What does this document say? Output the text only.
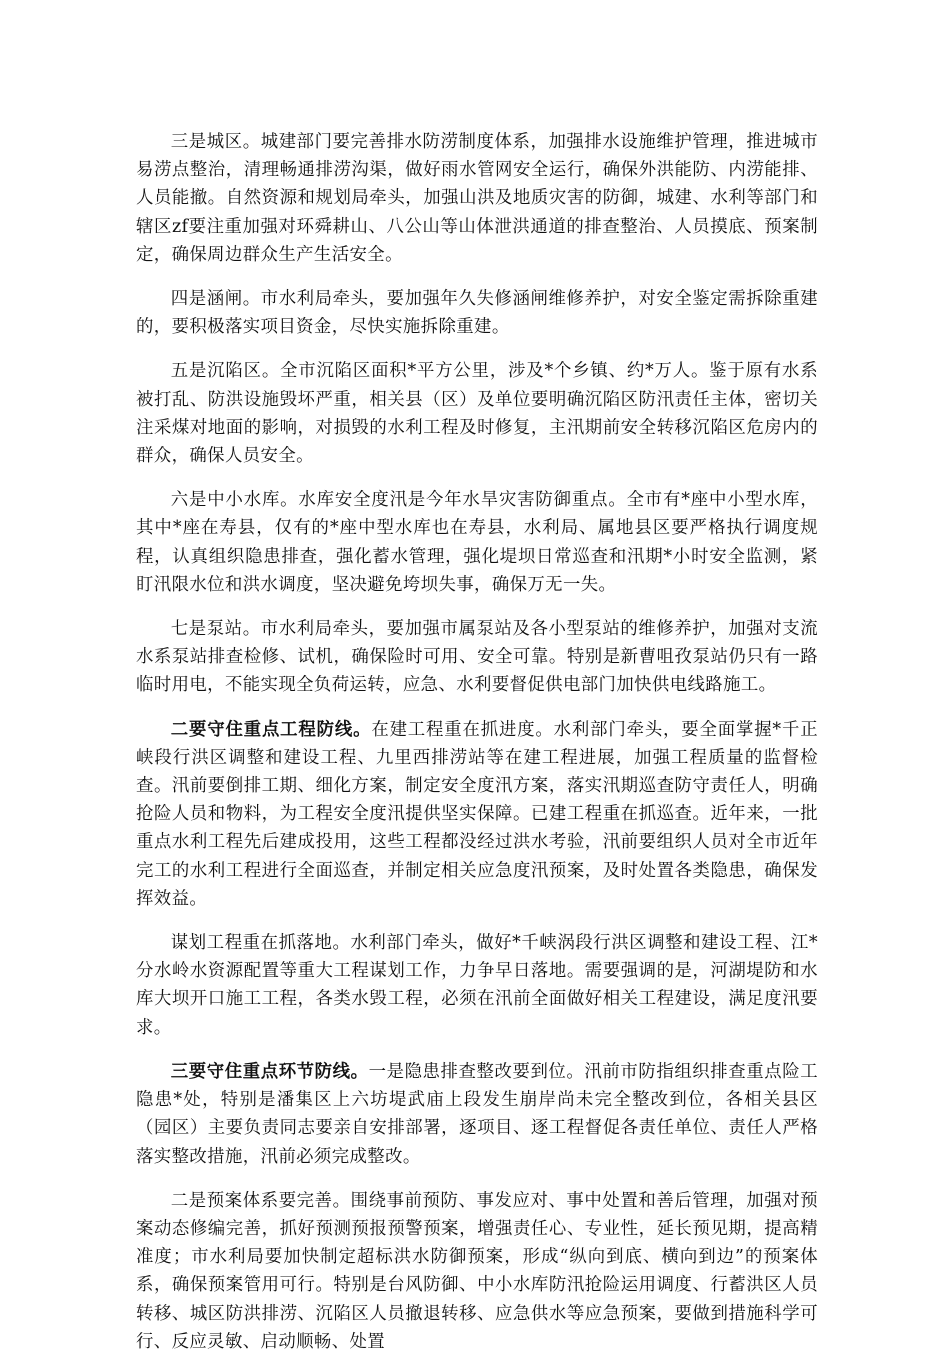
三是城区。城建部门要完善排水防涝制度体系，加强排水设施维护管理，推进城市易涝点整治，清理畅通排涝沟渠，做好雨水管网安全运行，确保外洪能防、内涝能排、人员能撤。自然资源和规划局牵头，加强山洪及地质灾害的防御，城建、水利等部门和辖区zf要注重加强对环舜耕山、八公山等山体泄洪通道的排查整治、人员摸底、预案制定，确保周边群众生产生活安全。

四是涵闸。市水利局牵头，要加强年久失修涵闸维修养护，对安全鉴定需拆除重建的，要积极落实项目资金，尽快实施拆除重建。

五是沉陷区。全市沉陷区面积*平方公里，涉及*个乡镇、约*万人。鉴于原有水系被打乱、防洪设施毁坏严重，相关县（区）及单位要明确沉陷区防汛责任主体，密切关注采煤对地面的影响，对损毁的水利工程及时修复，主汛期前安全转移沉陷区危房内的群众，确保人员安全。

六是中小水库。水库安全度汛是今年水旱灾害防御重点。全市有*座中小型水库，其中*座在寿县，仅有的*座中型水库也在寿县，水利局、属地县区要严格执行调度规程，认真组织隐患排查，强化蓄水管理，强化堤坝日常巡查和汛期*小时安全监测，紧盯汛限水位和洪水调度，坚决避免垮坝失事，确保万无一失。

七是泵站。市水利局牵头，要加强市属泵站及各小型泵站的维修养护，加强对支流水系泵站排查检修、试机，确保险时可用、安全可靠。特别是新曹咀孜泵站仍只有一路临时用电，不能实现全负荷运转，应急、水利要督促供电部门加快供电线路施工。

二要守住重点工程防线。在建工程重在抓进度。水利部门牵头，要全面掌握*千正峡段行洪区调整和建设工程、九里西排涝站等在建工程进展，加强工程质量的监督检查。汛前要倒排工期、细化方案，制定安全度汛方案，落实汛期巡查防守责任人，明确抢险人员和物料，为工程安全度汛提供坚实保障。已建工程重在抓巡查。近年来，一批重点水利工程先后建成投用，这些工程都没经过洪水考验，汛前要组织人员对全市近年完工的水利工程进行全面巡查，并制定相关应急度汛预案，及时处置各类隐患，确保发挥效益。

谋划工程重在抓落地。水利部门牵头，做好*千峡涡段行洪区调整和建设工程、江*分水岭水资源配置等重大工程谋划工作，力争早日落地。需要强调的是，河湖堤防和水库大坝开口施工工程，各类水毁工程，必须在汛前全面做好相关工程建设，满足度汛要求。

三要守住重点环节防线。一是隐患排查整改要到位。汛前市防指组织排查重点险工隐患*处，特别是潘集区上六坊堤武庙上段发生崩岸尚未完全整改到位，各相关县区（园区）主要负责同志要亲自安排部署，逐项目、逐工程督促各责任单位、责任人严格落实整改措施，汛前必须完成整改。

二是预案体系要完善。围绕事前预防、事发应对、事中处置和善后管理，加强对预案动态修编完善，抓好预测预报预警预案，增强责任心、专业性，延长预见期，提高精准度；市水利局要加快制定超标洪水防御预案，形成“纵向到底、横向到边”的预案体系，确保预案管用可行。特别是台风防御、中小水库防汛抢险运用调度、行蓄洪区人员转移、城区防洪排涝、沉陷区人员撤退转移、应急供水等应急预案，要做到措施科学可行、反应灵敏、启动顺畅、处置
